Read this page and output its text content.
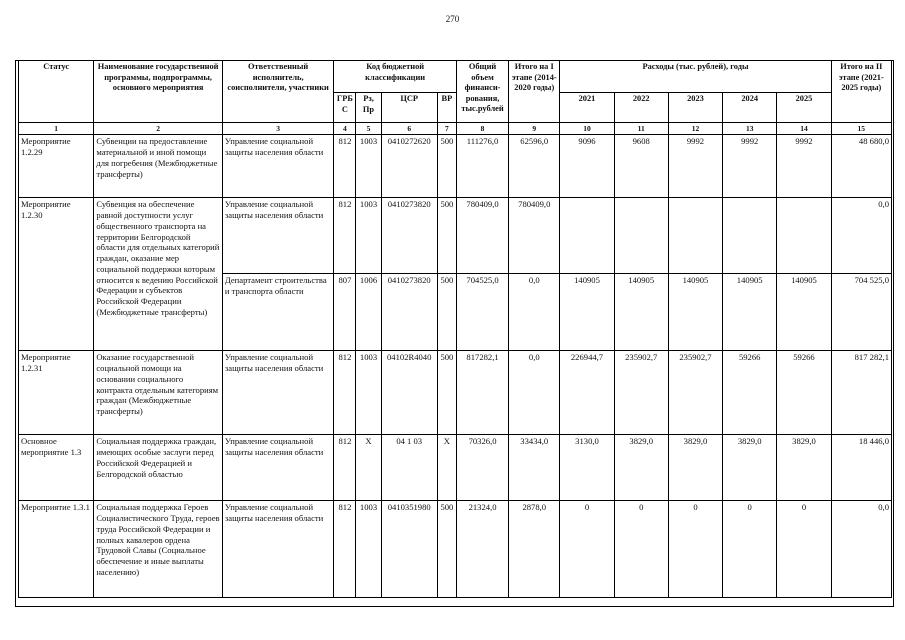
270
Статус	Наименование государственной программы, подпрограммы, основного мероприятия	Ответственный исполнитель, соисполнители, участники	Код бюджетной классификации				Общий объем финанси- рования, тыс.рублей	Итого на I этапе (2014-2020 годы)	Расходы (тыс. рублей), годы					Итого на II этапе (2021-2025 годы)
			ГРБ С	Рз, Пр	ЦСР	ВР			2021	2022	2023	2024	2025	
1	2	3	4	5	6	7	8	9	10	11	12	13	14	15
Мероприятие 1.2.29	Субвенции на предоставление материальной и иной помощи для погребения (Межбюджетные трансферты)	Управление социальной защиты населения области	812	1003	0410272620	500	111276,0	62596,0	9096	9608	9992	9992	9992	48 680,0
Мероприятие 1.2.30	Субвенция на обеспечение равной доступности услуг общественного транспорта на территории Белгородской области для отдельных категорий граждан, оказание мер социальной поддержки которым относится к ведению Российской Федерации и субъектов Российской Федерации (Межбюджетные трансферты)	Управление социальной защиты населения области	812	1003	0410273820	500	780409,0	780409,0						0,0
		Департамент строительства и транспорта области	807	1006	0410273820	500	704525,0	0,0	140905	140905	140905	140905	140905	704 525,0
Мероприятие 1.2.31	Оказание государственной социальной помощи на основании социального контракта отдельным категориям граждан (Межбюджетные трансферты)	Управление социальной защиты населения области	812	1003	04102R4040	500	817282,1	0,0	226944,7	235902,7	235902,7	59266	59266	817 282,1
Основное мероприятие 1.3	Социальная поддержка граждан, имеющих особые заслуги перед Российской Федерацией и Белгородской областью	Управление социальной защиты населения области	812	X	04 1 03	X	70326,0	33434,0	3130,0	3829,0	3829,0	3829,0	3829,0	18 446,0
Мероприятие 1.3.1	Социальная поддержка Героев Социалистического Труда, героев труда Российской Федерации и полных кавалеров ордена Трудовой Славы (Социальное обеспечение и иные выплаты населению)	Управление социальной защиты населения области	812	1003	0410351980	500	21324,0	2878,0	0	0	0	0	0	0,0
